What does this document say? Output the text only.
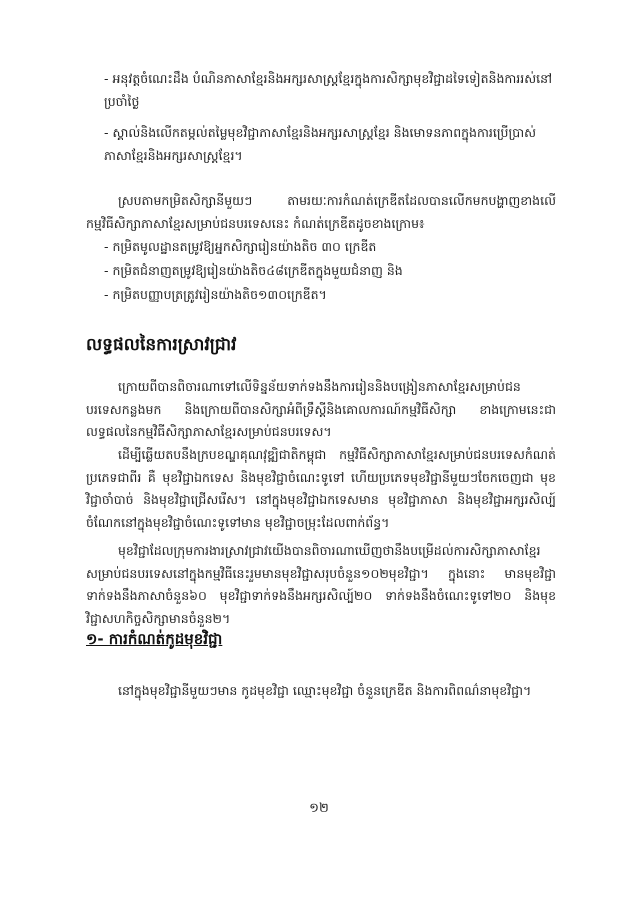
- អនុវត្តចំណេះដឹង បំណិនភាសាខ្មែរនិងអក្សរសាស្ត្រខ្មែរក្នុងការសិក្សាមុខវិជ្ជាដទៃទៀតនិងការរស់នៅប្រចាំថ្ងៃ

- ស្គាល់និងលើកតម្កល់តម្លៃមុខវិជ្ជាភាសាខ្មែរនិងអក្សរសាស្ត្រខ្មែរ និងមោទនភាពក្នុងការប្រើប្រាស់ភាសាខ្មែរនិងអក្សរសាស្ត្រខ្មែរ។

ស្របតាមកម្រិតសិក្សានីមួយៗ តាមរយៈការកំណត់ក្រេឌីតដែលបានលើកមកបង្ហាញខាងលើ កម្មវិធីសិក្សាភាសាខ្មែរសម្រាប់ជនបរទេសនេះ កំណត់ក្រេឌីតដូចខាងក្រោម៖

- កម្រិតមូលដ្ឋានតម្រូវឱ្យអ្នកសិក្សារៀនយ៉ាងតិច ៣០ ក្រេឌីត

- កម្រិតជំនាញតម្រូវឱ្យរៀនយ៉ាងតិច៤៨ក្រេឌីតក្នុងមួយជំនាញ និង

- កម្រិតបញ្ញាបត្រត្រូវរៀនយ៉ាងតិច១៣០ក្រេឌីត។

លទ្ធផលនៃការស្រាវជ្រាវ

ក្រោយពីបានពិចារណាទៅលើទិន្នន័យទាក់ទងនឹងការរៀននិងបង្រៀនភាសាខ្មែរសម្រាប់ជនបរទេសកន្លងមក និងក្រោយពីបានសិក្សាអំពីទ្រឹស្ដីនិងគោលការណ៍កម្មវិធីសិក្សា ខាងក្រោមនេះជាលទ្ធផលនៃកម្មវិធីសិក្សាភាសាខ្មែរសម្រាប់ជនបរទេស។

ដើម្បីឆ្លើយតបនឹងក្របខណ្ឌគុណវុឌ្ឍិជាតិកម្ពុជា កម្មវិធីសិក្សាភាសាខ្មែរសម្រាប់ជនបរទេសកំណត់ប្រភេទជាពីរ គឺ មុខវិជ្ជាឯកទេស និងមុខវិជ្ជាចំណេះទូទៅ ហើយប្រភេទមុខវិជ្ជានីមួយៗចែកចេញជា មុខវិជ្ជាចាំបាច់ និងមុខវិជ្ជាជ្រើសរើស។ នៅក្នុងមុខវិជ្ជាឯកទេសមាន មុខវិជ្ជាភាសា និងមុខវិជ្ជាអក្សរសិល្ប៍ ចំណែកនៅក្នុងមុខវិជ្ជាចំណេះទូទៅមាន មុខវិជ្ជាចម្រុះដែលពាក់ព័ន្ធ។

មុខវិជ្ជាដែលក្រុមការងារស្រាវជ្រាវយើងបានពិចារណាឃើញថានឹងបម្រើដល់ការសិក្សាភាសាខ្មែរសម្រាប់ជនបរទេសនៅក្នុងកម្មវិធីនេះរួមមានមុខវិជ្ជាសរុបចំនួន១០២មុខវិជ្ជា។ ក្នុងនោះ មានមុខវិជ្ជាទាក់ទងនឹងភាសាចំនួន៦០ មុខវិជ្ជាទាក់ទងនឹងអក្សរសិល្ប៍២០ ទាក់ទងនឹងចំណេះទូទៅ២០ និងមុខវិជ្ជាសហកិច្ចសិក្សាមានចំនួន២។

១- ការកំណត់កូដមុខវិជ្ជា

នៅក្នុងមុខវិជ្ជានីមួយៗមាន កូដមុខវិជ្ជា ឈ្មោះមុខវិជ្ជា ចំនួនក្រេឌីត និងការពិពណ៌នាមុខវិជ្ជា។

១២
